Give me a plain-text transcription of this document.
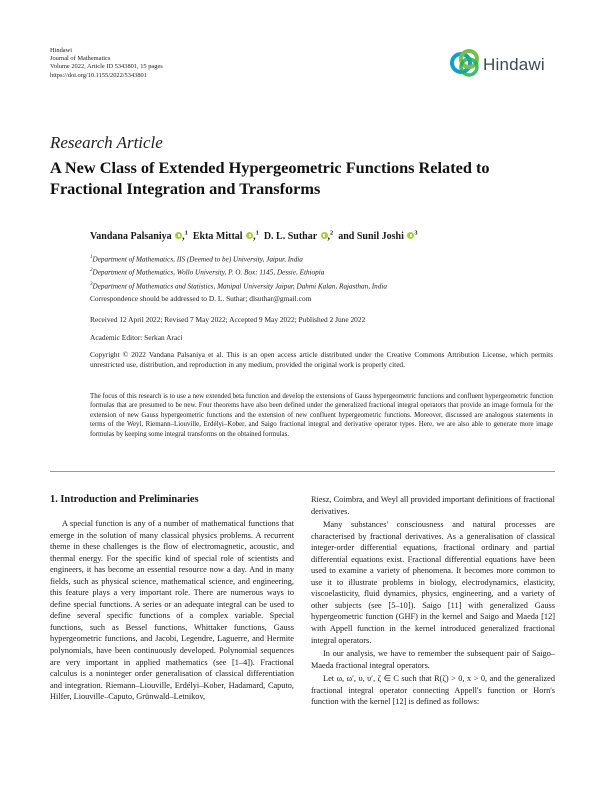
Hindawi
Journal of Mathematics
Volume 2022, Article ID 5343801, 15 pages
https://doi.org/10.1155/2022/5343801
Hindawi
Research Article
A New Class of Extended Hypergeometric Functions Related to Fractional Integration and Transforms
Vandana Palsaniya ,$^1$ Ekta Mittal ,$^1$ D. L. Suthar ,$^2$ and Sunil Joshi $^3$
$^1$Department of Mathematics, IIS (Deemed to be) University, Jaipur, India
$^2$Department of Mathematics, Wollo University, P. O. Box: 1145, Dessie, Ethiopia
$^3$Department of Mathematics and Statistics, Manipal University Jaipur, Dahmi Kalan, Rajasthan, India
Correspondence should be addressed to D. L. Suthar; dlsuthar@gmail.com
Received 12 April 2022; Revised 7 May 2022; Accepted 9 May 2022; Published 2 June 2022
Academic Editor: Serkan Araci
Copyright © 2022 Vandana Palsaniya et al. This is an open access article distributed under the Creative Commons Attribution License, which permits unrestricted use, distribution, and reproduction in any medium, provided the original work is properly cited.
The focus of this research is to use a new extended beta function and develop the extensions of Gauss hypergeometric functions and confluent hypergeometric function formulas that are presumed to be new. Four theorems have also been defined under the generalized fractional integral operators that provide an image formula for the extension of new Gauss hypergeometric functions and the extension of new confluent hypergeometric functions. Moreover, discussed are analogous statements in terms of the Weyl, Riemann–Liouville, Erdélyi–Kober, and Saigo fractional integral and derivative operator types. Here, we are also able to generate more image formulas by keeping some integral transforms on the obtained formulas.
1. Introduction and Preliminaries

A special function is any of a number of mathematical functions that emerge in the solution of many classical physics problems. A recurrent theme in these challenges is the flow of electromagnetic, acoustic, and thermal energy. For the specific kind of special role of scientists and engineers, it has become an essential resource now a day. And in many fields, such as physical science, mathematical science, and engineering, this feature plays a very important role. There are numerous ways to define special functions. A series or an adequate integral can be used to define several specific functions of a complex variable. Special functions, such as Bessel functions, Whittaker functions, Gauss hypergeometric functions, and Jacobi, Legendre, Laguerre, and Hermite polynomials, have been continuously developed. Polynomial sequences are very important in applied mathematics (see [1–4]). Fractional calculus is a noninteger order generalisation of classical differentiation and integration. Riemann–Liouville, Erdélyi–Kober, Hadamard, Caputo, Hilfer, Liouville–Caputo, Grünwald–Letnikov,

Riesz, Coimbra, and Weyl all provided important definitions of fractional derivatives.

Many substances' consciousness and natural processes are characterised by fractional derivatives. As a generalisation of classical integer-order differential equations, fractional ordinary and partial differential equations exist. Fractional differential equations have been used to examine a variety of phenomena. It becomes more common to use it to illustrate problems in biology, electrodynamics, elasticity, viscoelasticity, fluid dynamics, physics, engineering, and a variety of other subjects (see [5–10]). Saigo [11] with generalized Gauss hypergeometric function (GHF) in the kernel and Saigo and Maeda [12] with Appell function in the kernel introduced generalized fractional integral operators.

In our analysis, we have to remember the subsequent pair of Saigo–Maeda fractional integral operators.

Let ω, ω′, υ, υ′, ζ ∈ C such that R(ζ) > 0, x > 0, and the generalized fractional integral operator connecting Appell's function or Horn's function with the kernel [12] is defined as follows:
